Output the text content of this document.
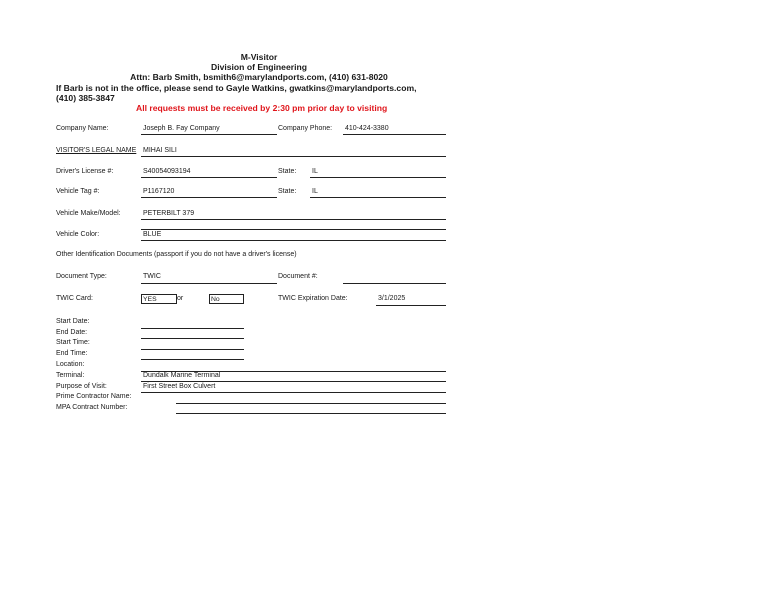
M-Visitor
Division of Engineering
Attn: Barb Smith, bsmith6@marylandports.com, (410) 631-8020
If Barb is not in the office, please send to Gayle Watkins, gwatkins@marylandports.com,
(410) 385-3847
All requests must be received by 2:30 pm prior day to visiting
Company Name:	Joseph B. Fay Company	Company Phone: 410-424-3380
VISITOR'S LEGAL NAME MIHAI SILI
Driver's License #:	S40054093194	State: IL
Vehicle Tag #:	P1167120	State: IL
Vehicle Make/Model:	PETERBILT 379
Vehicle Color:	BLUE
Other Identification Documents (passport if you do not have a driver's license)
Document Type:	TWIC	Document #:
TWIC Card:	YES	or	No	TWIC Expiration Date:	3/1/2025
Start Date:
End Date:
Start Time:
End Time:
Location:
Terminal:	Dundalk Marine Terminal
Purpose of Visit:	First Street Box Culvert
Prime Contractor Name:
MPA Contract Number:
